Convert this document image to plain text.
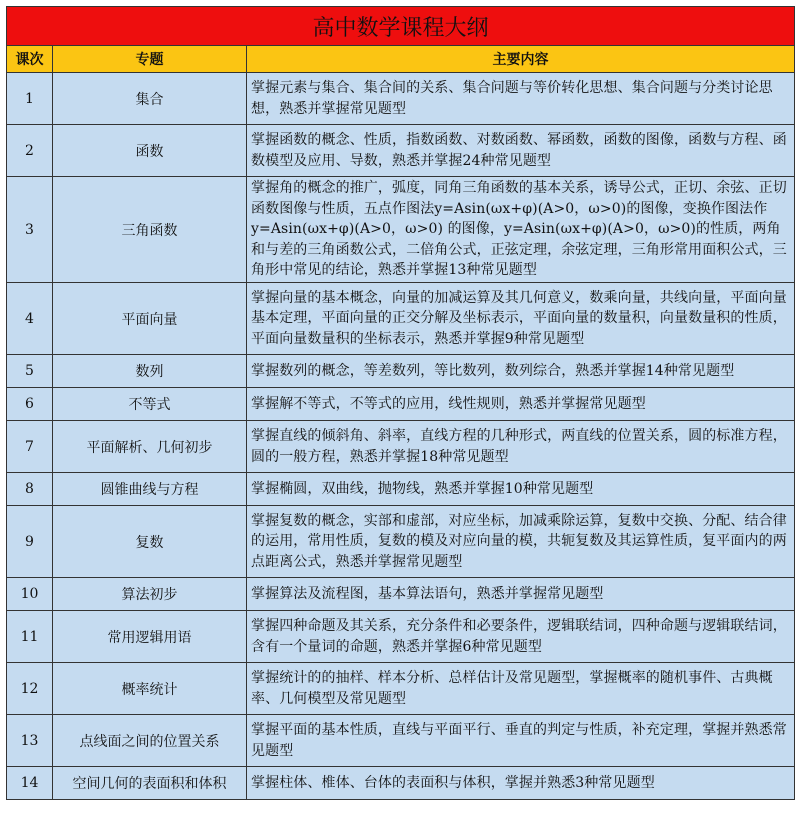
高中数学课程大纲		
课次	专题	主要内容
1	集合	掌握元素与集合、集合间的关系、集合问题与等价转化思想、集合问题与分类讨论思想，熟悉并掌握常见题型
2	函数	掌握函数的概念、性质，指数函数、对数函数、幂函数，函数的图像，函数与方程、函数模型及应用、导数，熟悉并掌握24种常见题型
3	三角函数	掌握角的概念的推广，弧度，同角三角函数的基本关系，诱导公式，正切、余弦、正切函数图像与性质，五点作图法y=Asin(ωx+φ)(A>0，ω>0)的图像，变换作图法作y=Asin(ωx+φ)(A>0，ω>0) 的图像，y=Asin(ωx+φ)(A>0，ω>0)的性质，两角和与差的三角函数公式，二倍角公式，正弦定理，余弦定理，三角形常用面积公式，三角形中常见的结论，熟悉并掌握13种常见题型
4	平面向量	掌握向量的基本概念，向量的加减运算及其几何意义，数乘向量，共线向量，平面向量基本定理，平面向量的正交分解及坐标表示，平面向量的数量积，向量数量积的性质，平面向量数量积的坐标表示，熟悉并掌握9种常见题型
5	数列	掌握数列的概念，等差数列，等比数列，数列综合，熟悉并掌握14种常见题型
6	不等式	掌握解不等式，不等式的应用，线性规则，熟悉并掌握常见题型
7	平面解析、几何初步	掌握直线的倾斜角、斜率，直线方程的几种形式，两直线的位置关系，圆的标准方程，圆的一般方程，熟悉并掌握18种常见题型
8	圆锥曲线与方程	掌握椭圆，双曲线，抛物线，熟悉并掌握10种常见题型
9	复数	掌握复数的概念，实部和虚部，对应坐标，加减乘除运算，复数中交换、分配、结合律的运用，常用性质，复数的模及对应向量的模，共轭复数及其运算性质，复平面内的两点距离公式，熟悉并掌握常见题型
10	算法初步	掌握算法及流程图，基本算法语句，熟悉并掌握常见题型
11	常用逻辑用语	掌握四种命题及其关系，充分条件和必要条件，逻辑联结词，四种命题与逻辑联结词，含有一个量词的命题，熟悉并掌握6种常见题型
12	概率统计	掌握统计的的抽样、样本分析、总样估计及常见题型，掌握概率的随机事件、古典概率、几何模型及常见题型
13	点线面之间的位置关系	掌握平面的基本性质，直线与平面平行、垂直的判定与性质，补充定理，掌握并熟悉常见题型
14	空间几何的表面积和体积	掌握柱体、椎体、台体的表面积与体积，掌握并熟悉3种常见题型
